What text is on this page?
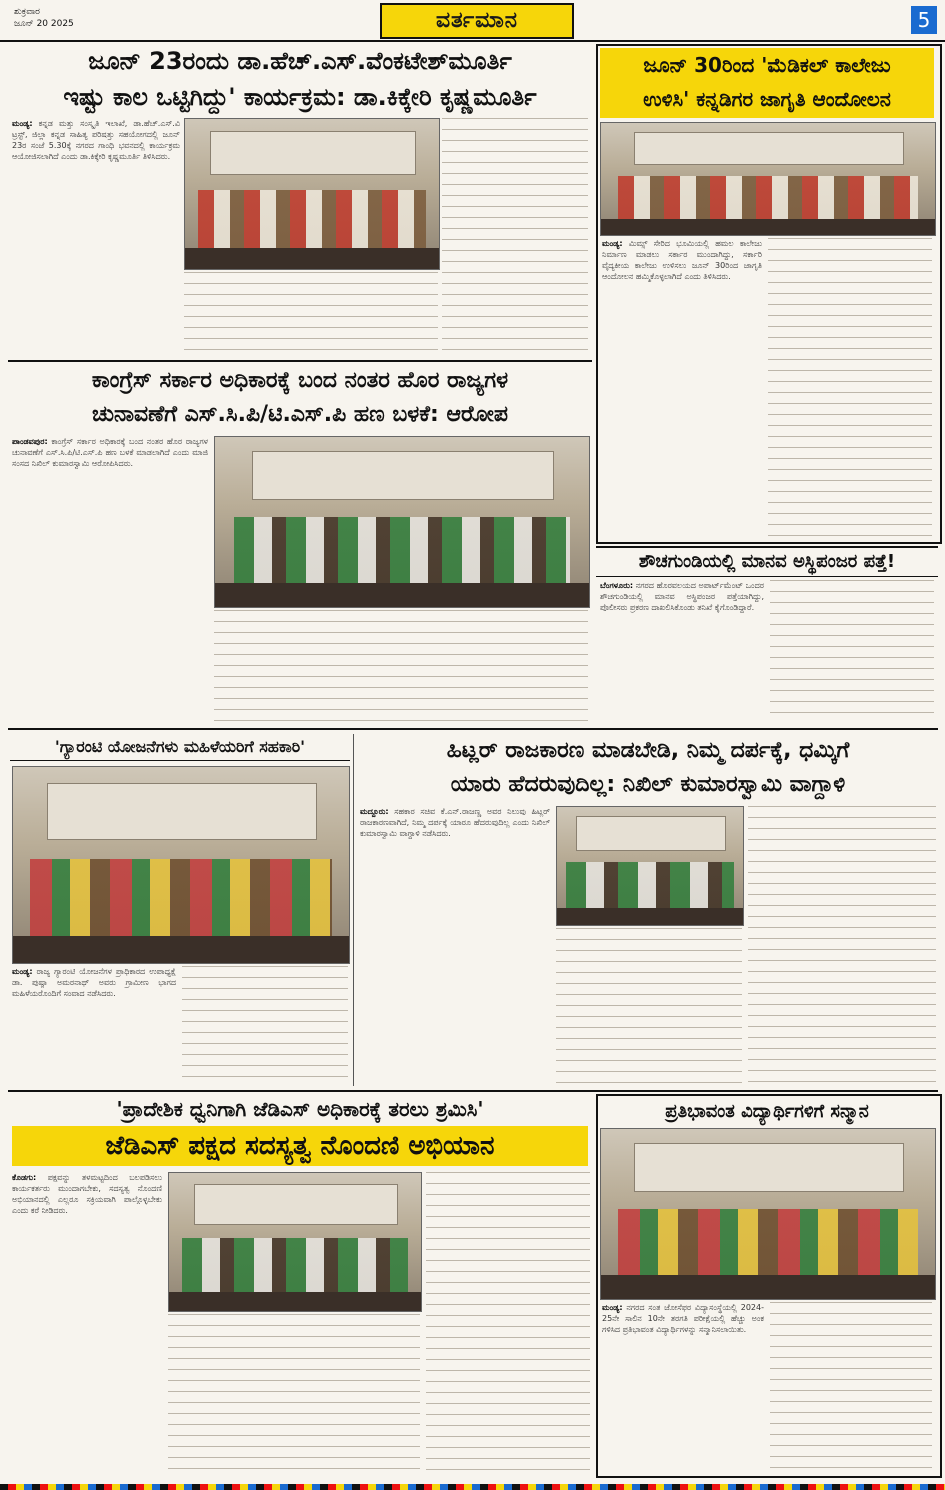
ಶುಕ್ರವಾರ
ಜೂನ್ 20 2025	ವರ್ತಮಾನ	5
ಜೂನ್ 23ರಂದು ಡಾ.ಹೆಚ್.ಎಸ್.ವೆಂಕಟೇಶ್‌ಮೂರ್ತಿ
ಇಷ್ಟು ಕಾಲ ಒಟ್ಟಿಗಿದ್ದು' ಕಾರ್ಯಕ್ರಮ: ಡಾ.ಕಿಕ್ಕೇರಿ ಕೃಷ್ಣಮೂರ್ತಿ
ಮಂಡ್ಯ: ಕನ್ನಡ ಮತ್ತು ಸಂಸ್ಕೃತಿ ಇಲಾಖೆ, ಡಾ.ಹೆಚ್.ಎಸ್.ವಿ ಟ್ರಸ್ಟ್, ಜಿಲ್ಲಾ ಕನ್ನಡ ಸಾಹಿತ್ಯ ಪರಿಷತ್ತು ಸಹಯೋಗದಲ್ಲಿ ಜೂನ್ 23ರ ಸಂಜೆ 5.30ಕ್ಕೆ ನಗರದ ಗಾಂಧಿ ಭವನದಲ್ಲಿ ಕಾರ್ಯಕ್ರಮ ಆಯೋಜಿಸಲಾಗಿದೆ ಎಂದು ಡಾ.ಕಿಕ್ಕೇರಿ ಕೃಷ್ಣಮೂರ್ತಿ ತಿಳಿಸಿದರು.
ಜೂನ್ 30ರಿಂದ 'ಮೆಡಿಕಲ್ ಕಾಲೇಜು
ಉಳಿಸಿ' ಕನ್ನಡಿಗರ ಜಾಗೃತಿ ಆಂದೋಲನ
ಮಂಡ್ಯ: ಮಿಮ್ಸ್ ಸೇರಿದ ಭೂಮಿಯಲ್ಲಿ ಹಮಲ ಕಾಲೇಜು ನಿರ್ಮಾಣ ಮಾಡಲು ಸರ್ಕಾರ ಮುಂದಾಗಿದ್ದು, ಸರ್ಕಾರಿ ವೈದ್ಯಕೀಯ ಕಾಲೇಜು ಉಳಿಸಲು ಜೂನ್ 30ರಿಂದ ಜಾಗೃತಿ ಆಂದೋಲನ ಹಮ್ಮಿಕೊಳ್ಳಲಾಗಿದೆ ಎಂದು ತಿಳಿಸಿದರು.
ಕಾಂಗ್ರೆಸ್ ಸರ್ಕಾರ ಅಧಿಕಾರಕ್ಕೆ ಬಂದ ನಂತರ ಹೊರ ರಾಜ್ಯಗಳ
ಚುನಾವಣೆಗೆ ಎಸ್.ಸಿ.ಪಿ/ಟಿ.ಎಸ್.ಪಿ ಹಣ ಬಳಕೆ: ಆರೋಪ
ಪಾಂಡವಪುರ: ಕಾಂಗ್ರೆಸ್ ಸರ್ಕಾರ ಅಧಿಕಾರಕ್ಕೆ ಬಂದ ನಂತರ ಹೊರ ರಾಜ್ಯಗಳ ಚುನಾವಣೆಗೆ ಎಸ್.ಸಿ.ಪಿ/ಟಿ.ಎಸ್.ಪಿ ಹಣ ಬಳಕೆ ಮಾಡಲಾಗಿದೆ ಎಂದು ಮಾಜಿ ಸಂಸದ ನಿಖಿಲ್ ಕುಮಾರಸ್ವಾಮಿ ಆರೋಪಿಸಿದರು.
ಶೌಚಗುಂಡಿಯಲ್ಲಿ ಮಾನವ ಅಸ್ಥಿಪಂಜರ ಪತ್ತೆ!
ಬೆಂಗಳೂರು: ನಗರದ ಹೊರವಲಯದ ಅಪಾರ್ಟ್‌ಮೆಂಟ್ ಒಂದರ ಶೌಚಗುಂಡಿಯಲ್ಲಿ ಮಾನವ ಅಸ್ಥಿಪಂಜರ ಪತ್ತೆಯಾಗಿದ್ದು, ಪೊಲೀಸರು ಪ್ರಕರಣ ದಾಖಲಿಸಿಕೊಂಡು ತನಿಖೆ ಕೈಗೊಂಡಿದ್ದಾರೆ.
'ಗ್ಯಾರಂಟಿ ಯೋಜನೆಗಳು ಮಹಿಳೆಯರಿಗೆ ಸಹಕಾರಿ'
ಮಂಡ್ಯ: ರಾಜ್ಯ ಗ್ಯಾರಂಟಿ ಯೋಜನೆಗಳ ಪ್ರಾಧಿಕಾರದ ಉಪಾಧ್ಯಕ್ಷೆ ಡಾ. ಪುಷ್ಪಾ ಅಮರನಾಥ್ ಅವರು ಗ್ರಾಮೀಣ ಭಾಗದ ಮಹಿಳೆಯರೊಂದಿಗೆ ಸಂವಾದ ನಡೆಸಿದರು.
ಹಿಟ್ಲರ್ ರಾಜಕಾರಣ ಮಾಡಬೇಡಿ, ನಿಮ್ಮ ದರ್ಪಕ್ಕೆ, ಧಮ್ಕಿಗೆ
ಯಾರು ಹೆದರುವುದಿಲ್ಲ: ನಿಖಿಲ್ ಕುಮಾರಸ್ವಾಮಿ ವಾಗ್ದಾಳಿ
ಮದ್ದೂರು: ಸಹಕಾರ ಸಚಿವ ಕೆ.ಎನ್.ರಾಜಣ್ಣ ಅವರ ನಿಲುವು ಹಿಟ್ಲರ್ ರಾಜಕಾರಣವಾಗಿದೆ, ನಿಮ್ಮ ದರ್ಪಕ್ಕೆ ಯಾರೂ ಹೆದರುವುದಿಲ್ಲ ಎಂದು ನಿಖಿಲ್ ಕುಮಾರಸ್ವಾಮಿ ವಾಗ್ದಾಳಿ ನಡೆಸಿದರು.
'ಪ್ರಾದೇಶಿಕ ಧ್ವನಿಗಾಗಿ ಜೆಡಿಎಸ್ ಅಧಿಕಾರಕ್ಕೆ ತರಲು ಶ್ರಮಿಸಿ'
ಜೆಡಿಎಸ್ ಪಕ್ಷದ ಸದಸ್ಯತ್ವ ನೊಂದಣಿ ಅಭಿಯಾನ
ಕೊಡಗು: ಪಕ್ಷವನ್ನು ತಳಮಟ್ಟದಿಂದ ಬಲಪಡಿಸಲು ಕಾರ್ಯಕರ್ತರು ಮುಂದಾಗಬೇಕು, ಸದಸ್ಯತ್ವ ನೊಂದಣಿ ಅಭಿಯಾನದಲ್ಲಿ ಎಲ್ಲರೂ ಸಕ್ರಿಯವಾಗಿ ಪಾಲ್ಗೊಳ್ಳಬೇಕು ಎಂದು ಕರೆ ನೀಡಿದರು.
ಪ್ರತಿಭಾವಂತ ವಿದ್ಯಾರ್ಥಿಗಳಿಗೆ ಸನ್ಮಾನ
ಮಂಡ್ಯ: ನಗರದ ಸಂತ ಜೋಸೆಫರ ವಿದ್ಯಾಸಂಸ್ಥೆಯಲ್ಲಿ 2024-25ನೇ ಸಾಲಿನ 10ನೇ ತರಗತಿ ಪರೀಕ್ಷೆಯಲ್ಲಿ ಹೆಚ್ಚು ಅಂಕ ಗಳಿಸಿದ ಪ್ರತಿಭಾವಂತ ವಿದ್ಯಾರ್ಥಿಗಳನ್ನು ಸನ್ಮಾನಿಸಲಾಯಿತು.
